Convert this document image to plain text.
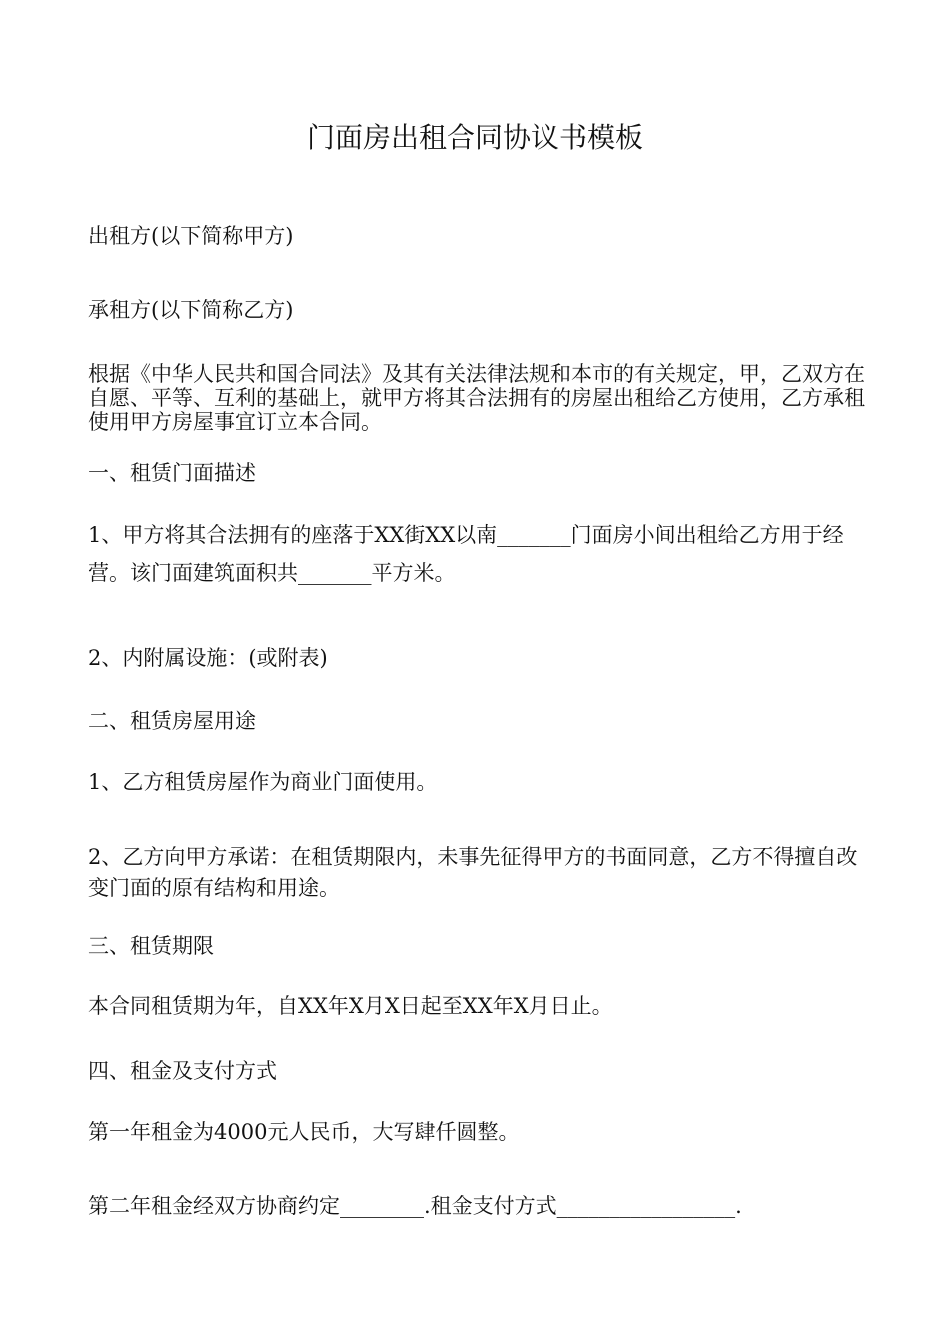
门面房出租合同协议书模板
出租方(以下简称甲方)
承租方(以下简称乙方)
根据《中华人民共和国合同法》及其有关法律法规和本市的有关规定，甲，乙双方在自愿、平等、互利的基础上，就甲方将其合法拥有的房屋出租给乙方使用，乙方承租使用甲方房屋事宜订立本合同。
一、租赁门面描述
1、甲方将其合法拥有的座落于XX街XX以南_______门面房小间出租给乙方用于经营。该门面建筑面积共_______平方米。
2、内附属设施：(或附表)
二、租赁房屋用途
1、乙方租赁房屋作为商业门面使用。
2、乙方向甲方承诺：在租赁期限内，未事先征得甲方的书面同意，乙方不得擅自改变门面的原有结构和用途。
三、租赁期限
本合同租赁期为年，自XX年X月X日起至XX年X月日止。
四、租金及支付方式
第一年租金为4000元人民币，大写肆仟圆整。
第二年租金经双方协商约定________.租金支付方式_________________.
